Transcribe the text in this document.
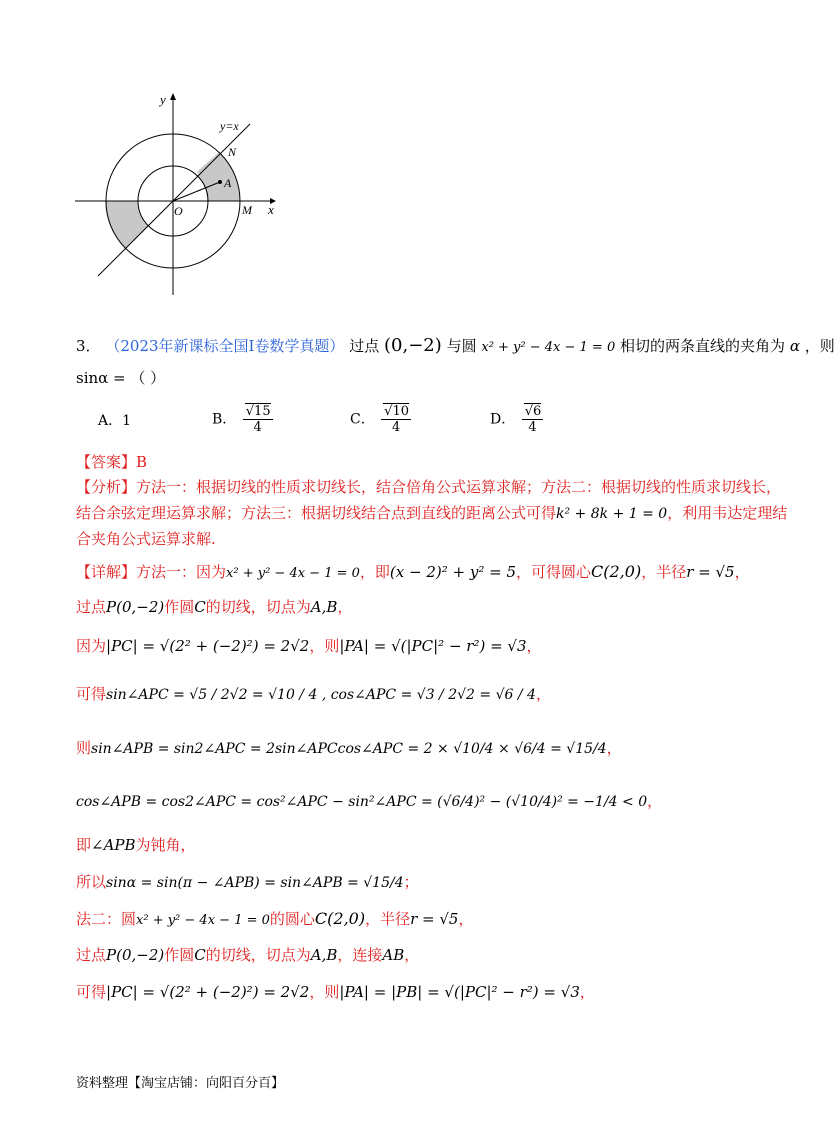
y
x
y=x
N
A
O	M
3． （2023年新课标全国Ⅰ卷数学真题） 过点 (0,−2) 与圆 x² + y² − 4x − 1 = 0 相切的两条直线的夹角为 α ，则
sinα = （ ）
A．1	B． √ $\frac{15}{4}$	C． √ $\frac{10}{4}$	D． √ $\frac{6}{4}$
【答案】B
【分析】方法一：根据切线的性质求切线长，结合倍角公式运算求解；方法二：根据切线的性质求切线长，
结合余弦定理运算求解；方法三：根据切线结合点到直线的距离公式可得k² + 8k + 1 = 0，利用韦达定理结
合夹角公式运算求解.
【详解】方法一：因为x² + y² − 4x − 1 = 0，即(x − 2)² + y² = 5，可得圆心C(2,0)，半径r = √5，
过点P(0,−2)作圆C的切线，切点为A,B，
因为|PC| = √(2² + (−2)²) = 2√2，则|PA| = √(|PC|² − r²) = √3，
可得sin∠APC = √5 / 2√2 = √10 / 4 , cos∠APC = √3 / 2√2 = √6 / 4，
则sin∠APB = sin2∠APC = 2sin∠APCcos∠APC = 2 × √10/4 × √6/4 = √15/4，
cos∠APB = cos2∠APC = cos²∠APC − sin²∠APC = (√6/4)² − (√10/4)² = −1/4 < 0，
即∠APB为钝角，
所以sinα = sin(π − ∠APB) = sin∠APB = √15/4；
法二：圆x² + y² − 4x − 1 = 0的圆心C(2,0)，半径r = √5，
过点P(0,−2)作圆C的切线，切点为A,B，连接AB，
可得|PC| = √(2² + (−2)²) = 2√2，则|PA| = |PB| = √(|PC|² − r²) = √3，
资料整理【淘宝店铺：向阳百分百】
